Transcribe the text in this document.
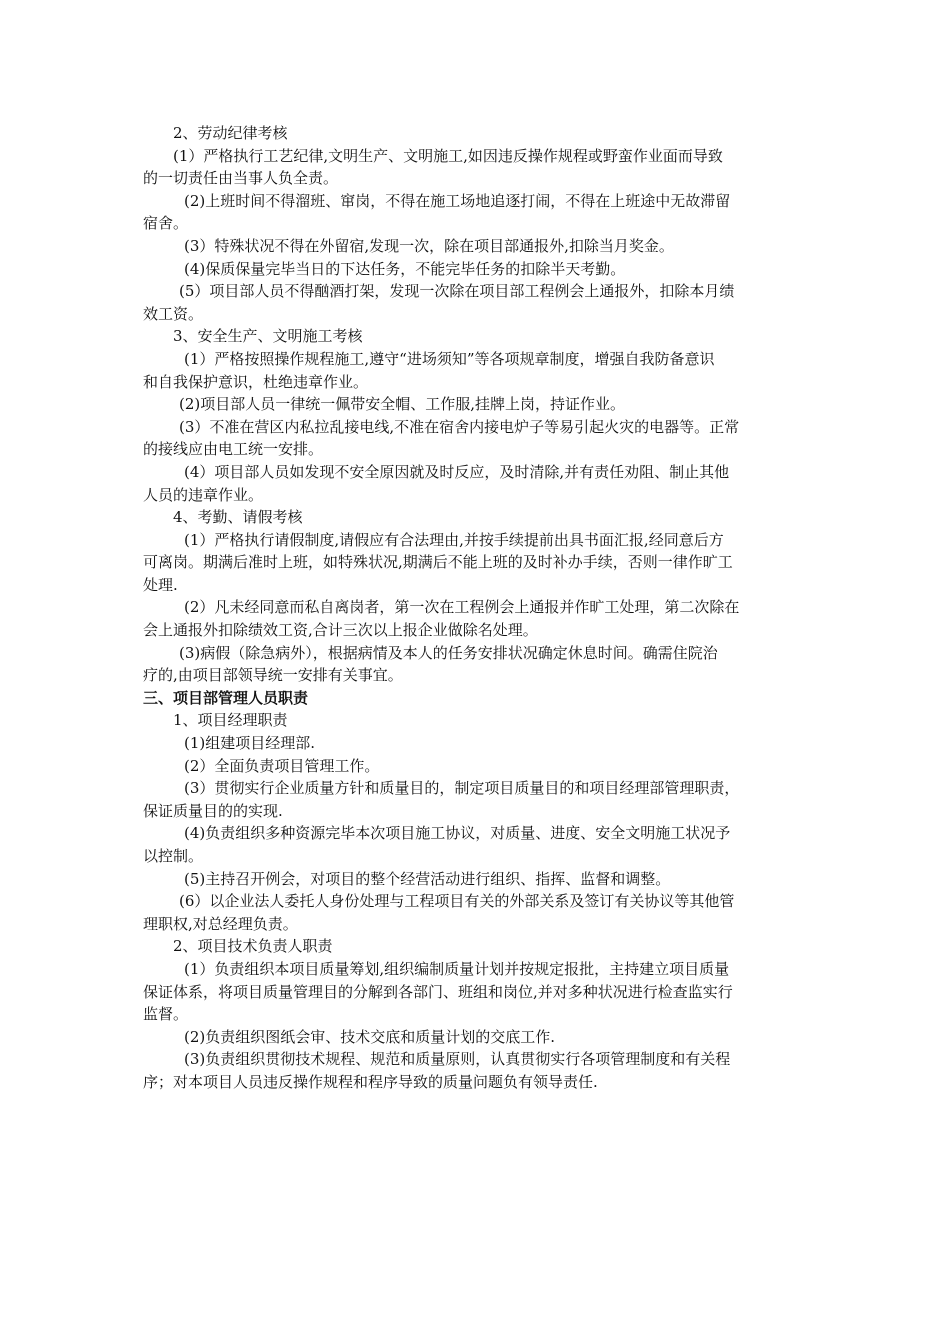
2、劳动纪律考核
(1）严格执行工艺纪律,文明生产、文明施工,如因违反操作规程或野蛮作业面而导致
的一切责任由当事人负全责。
(2)上班时间不得溜班、窜岗，不得在施工场地追逐打闹，不得在上班途中无故滞留
宿舍。
(3）特殊状况不得在外留宿,发现一次，除在项目部通报外,扣除当月奖金。
(4)保质保量完毕当日的下达任务，不能完毕任务的扣除半天考勤。
(5）项目部人员不得酗酒打架，发现一次除在项目部工程例会上通报外，扣除本月绩
效工资。
3、安全生产、文明施工考核
(1）严格按照操作规程施工,遵守“进场须知”等各项规章制度，增强自我防备意识
和自我保护意识，杜绝违章作业。
(2)项目部人员一律统一佩带安全帽、工作服,挂牌上岗，持证作业。
(3）不准在营区内私拉乱接电线,不准在宿舍内接电炉子等易引起火灾的电器等。正常
的接线应由电工统一安排。
(4）项目部人员如发现不安全原因就及时反应，及时清除,并有责任劝阻、制止其他
人员的违章作业。
4、考勤、请假考核
(1）严格执行请假制度,请假应有合法理由,并按手续提前出具书面汇报,经同意后方
可离岗。期满后准时上班，如特殊状况,期满后不能上班的及时补办手续，否则一律作旷工
处理.
(2）凡未经同意而私自离岗者，第一次在工程例会上通报并作旷工处理，第二次除在
会上通报外扣除绩效工资,合计三次以上报企业做除名处理。
(3)病假（除急病外），根据病情及本人的任务安排状况确定休息时间。确需住院治
疗的,由项目部领导统一安排有关事宜。
三、项目部管理人员职责
1、项目经理职责
(1)组建项目经理部.
(2）全面负责项目管理工作。
(3）贯彻实行企业质量方针和质量目的，制定项目质量目的和项目经理部管理职责，
保证质量目的的实现.
(4)负责组织多种资源完毕本次项目施工协议，对质量、进度、安全文明施工状况予
以控制。
(5)主持召开例会，对项目的整个经营活动进行组织、指挥、监督和调整。
(6）以企业法人委托人身份处理与工程项目有关的外部关系及签订有关协议等其他管
理职权,对总经理负责。
2、项目技术负责人职责
(1）负责组织本项目质量筹划,组织编制质量计划并按规定报批，主持建立项目质量
保证体系，将项目质量管理目的分解到各部门、班组和岗位,并对多种状况进行检查监实行
监督。
(2)负责组织图纸会审、技术交底和质量计划的交底工作.
(3)负责组织贯彻技术规程、规范和质量原则，认真贯彻实行各项管理制度和有关程
序；对本项目人员违反操作规程和程序导致的质量问题负有领导责任.
